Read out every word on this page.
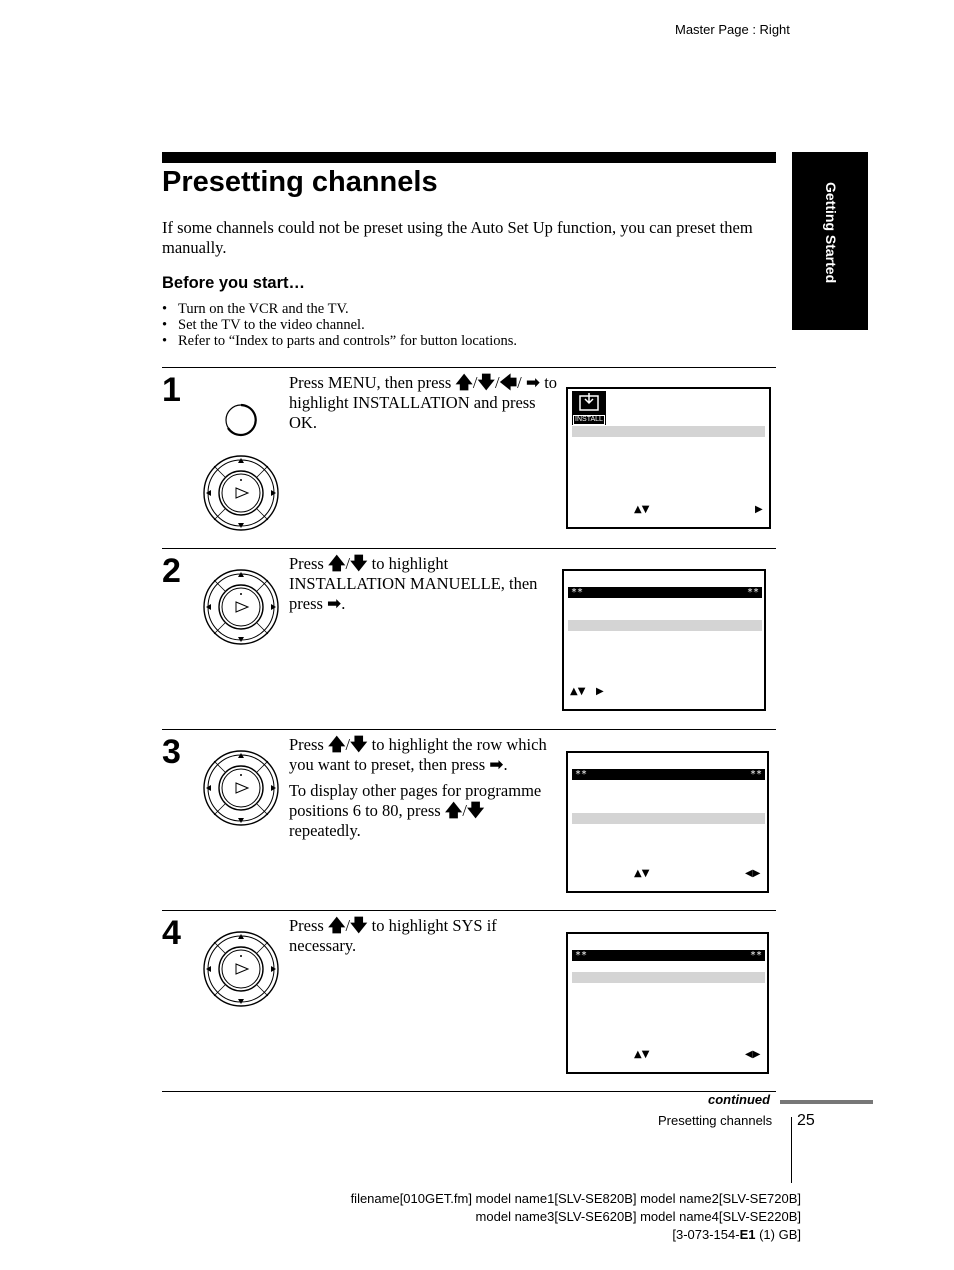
Master Page : Right
Presetting channels

If some channels could not be preset using the Auto Set Up function, you can preset them manually.

Before you start…
• Turn on the VCR and the TV.
• Set the TV to the video channel.
• Refer to “Index to parts and controls” for button locations.
Getting Started
1	Press MENU, then press 🡅/🡇/🡄/ ➡ to highlight INSTALLATION and press OK.	INSTALL
▲▼	▶
2	Press 🡅/🡇 to highlight INSTALLATION MANUELLE, then press ➡.

**	**
▲▼ ▶
3	Press 🡅/🡇 to highlight the row which you want to preset, then press ➡.

To display other pages for programme positions 6 to 80, press 🡅/🡇 repeatedly.

**	**
▲▼	◀▶
4	Press 🡅/🡇 to highlight SYS if necessary.

**	**
▲▼	◀▶
continued
Presetting channels 25
filename[010GET.fm] model name1[SLV-SE820B] model name2[SLV-SE720B]
model name3[SLV-SE620B] model name4[SLV-SE220B]
[3-073-154-E1 (1) GB]
